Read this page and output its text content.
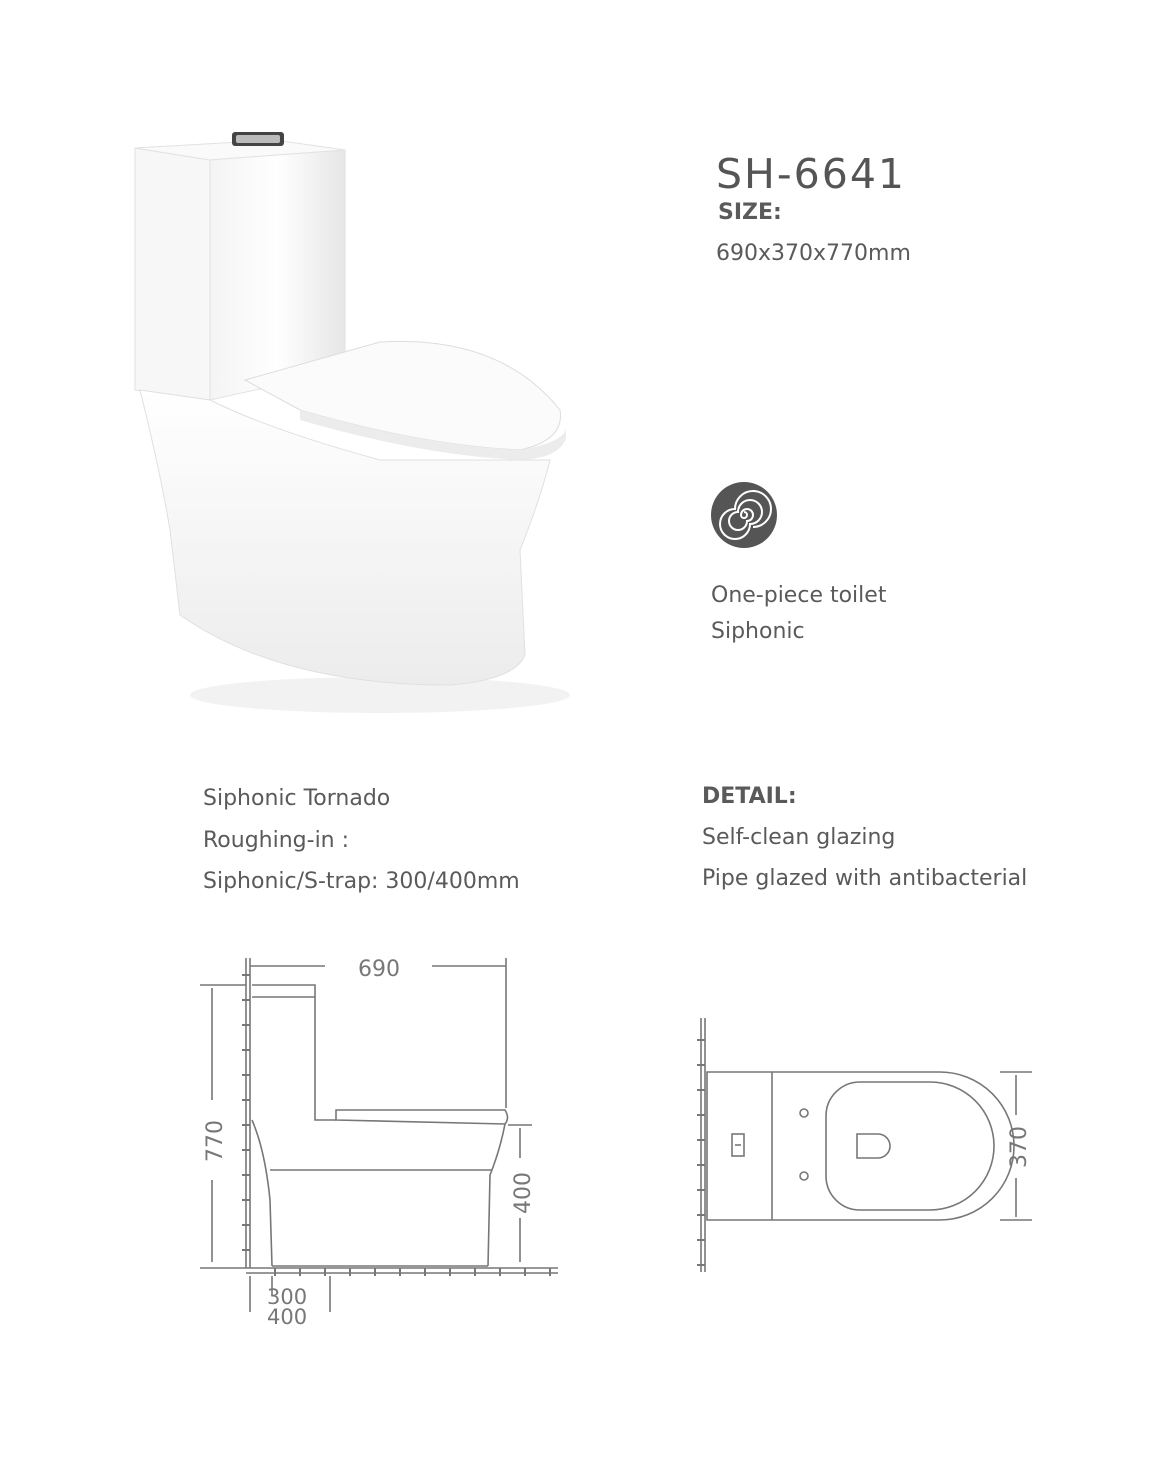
SH-6641
SIZE:
690x370x770mm
One-piece toilet
Siphonic
Siphonic Tornado
Roughing-in :
Siphonic/S-trap: 300/400mm
DETAIL:
Self-clean glazing
Pipe glazed with antibacterial
690
770
400
300
400
370
